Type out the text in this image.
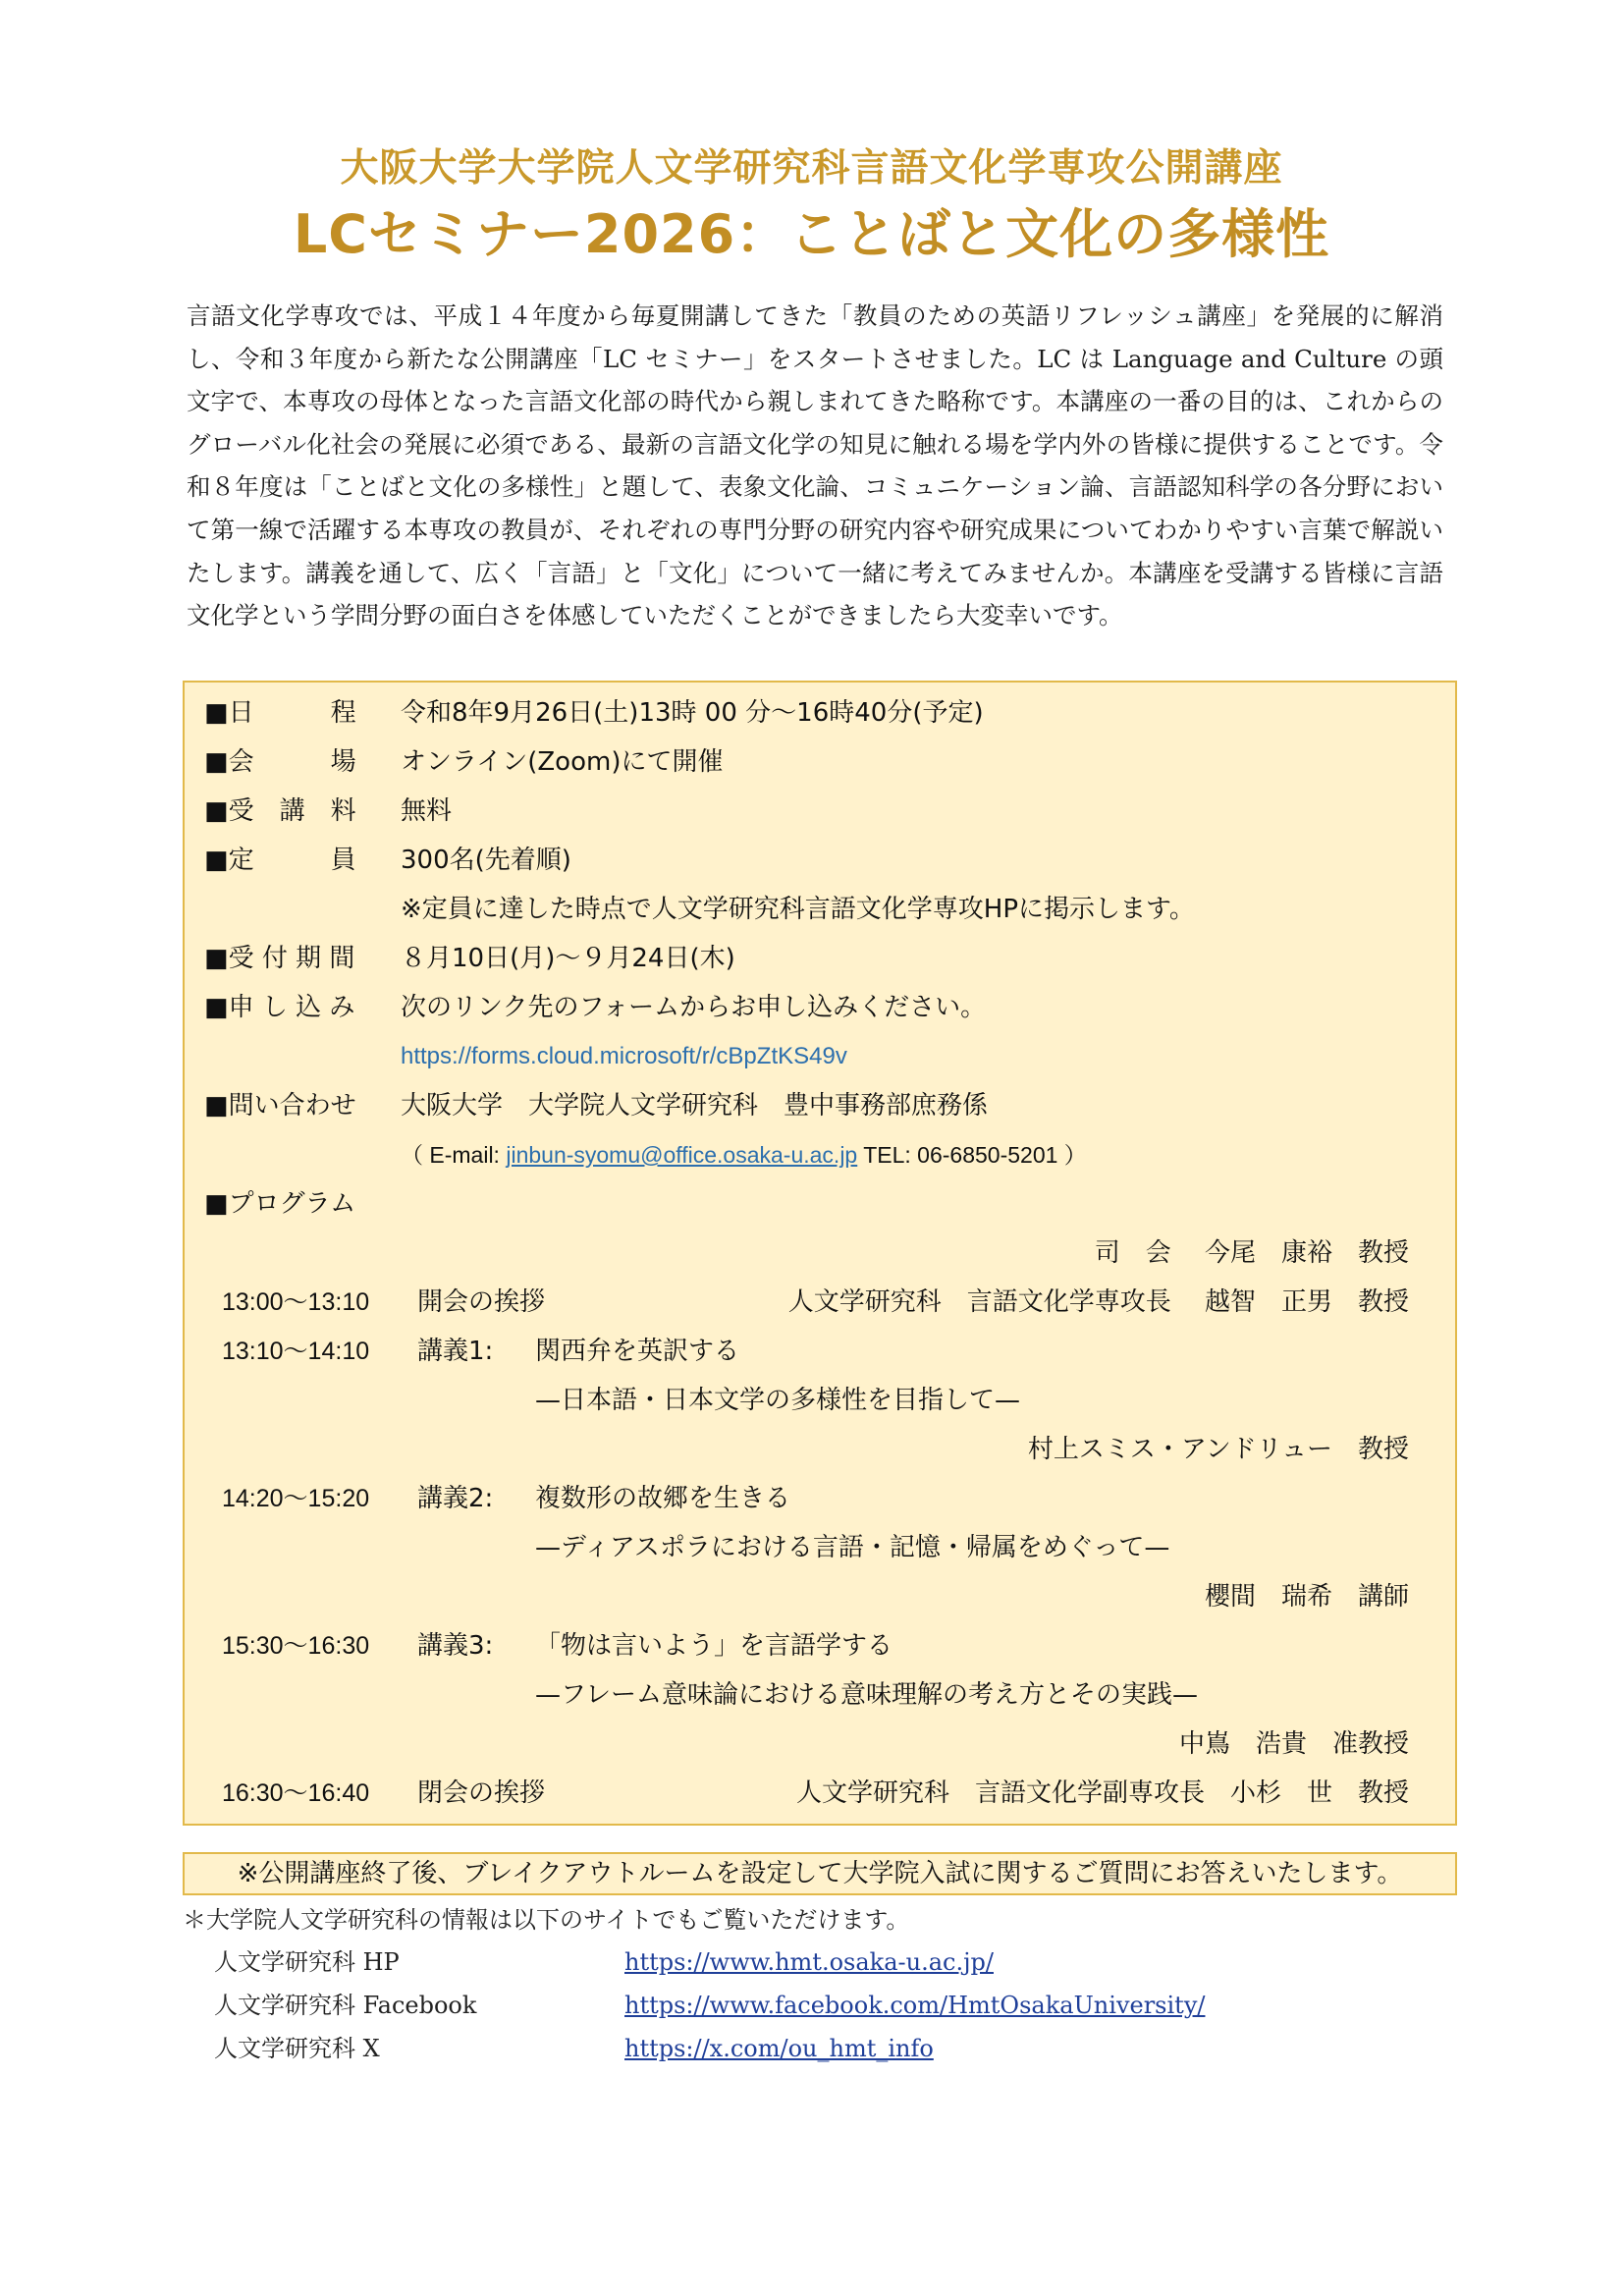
大阪大学大学院人文学研究科言語文化学専攻公開講座
LCセミナー2026：ことばと文化の多様性

言語文化学専攻では、平成１４年度から毎夏開講してきた「教員のための英語リフレッシュ講座」を発展的に解消し、令和３年度から新たな公開講座「LC セミナー」をスタートさせました。LC は Language and Culture の頭文字で、本専攻の母体となった言語文化部の時代から親しまれてきた略称です。本講座の一番の目的は、これからのグローバル化社会の発展に必須である、最新の言語文化学の知見に触れる場を学内外の皆様に提供することです。令和８年度は「ことばと文化の多様性」と題して、表象文化論、コミュニケーション論、言語認知科学の各分野において第一線で活躍する本専攻の教員が、それぞれの専門分野の研究内容や研究成果についてわかりやすい言葉で解説いたします。講義を通して、広く「言語」と「文化」について一緒に考えてみませんか。本講座を受講する皆様に言語文化学という学問分野の面白さを体感していただくことができましたら大変幸いです。

■日　　　程	令和8年9月26日(土)13時 00 分～16時40分(予定)
■会　　　場	オンライン(Zoom)にて開催
■受　講　料	無料
■定　　　員	300名(先着順)
※定員に達した時点で人文学研究科言語文化学専攻HPに掲示します。
■受 付 期 間	８月10日(月)～９月24日(木)
■申 し 込 み	次のリンク先のフォームからお申し込みください。
https://forms.cloud.microsoft/r/cBpZtKS49v
■問い合わせ	大阪大学　大学院人文学研究科　豊中事務部庶務係
（ E-mail: jinbun-syomu@office.osaka-u.ac.jp TEL: 06-6850-5201 ）
■プログラム
司　会　 今尾　康裕　教授
13:00～13:10 開会の挨拶	人文学研究科　言語文化学専攻長　 越智　正男　教授
13:10～14:10 講義1: 関西弁を英訳する
—日本語・日本文学の多様性を目指して—
村上スミス・アンドリュー　教授
14:20～15:20 講義2: 複数形の故郷を生きる
—ディアスポラにおける言語・記憶・帰属をめぐって—
櫻間　瑞希　講師
15:30～16:30 講義3: 「物は言いよう」を言語学する
—フレーム意味論における意味理解の考え方とその実践—
中嶌　浩貴　准教授
16:30～16:40 閉会の挨拶	人文学研究科　言語文化学副専攻長　小杉　世　教授
※公開講座終了後、ブレイクアウトルームを設定して大学院入試に関するご質問にお答えいたします。
＊大学院人文学研究科の情報は以下のサイトでもご覧いただけます。
人文学研究科 HP	https://www.hmt.osaka-u.ac.jp/
人文学研究科 Facebook	https://www.facebook.com/HmtOsakaUniversity/
人文学研究科 X	https://x.com/ou_hmt_info
